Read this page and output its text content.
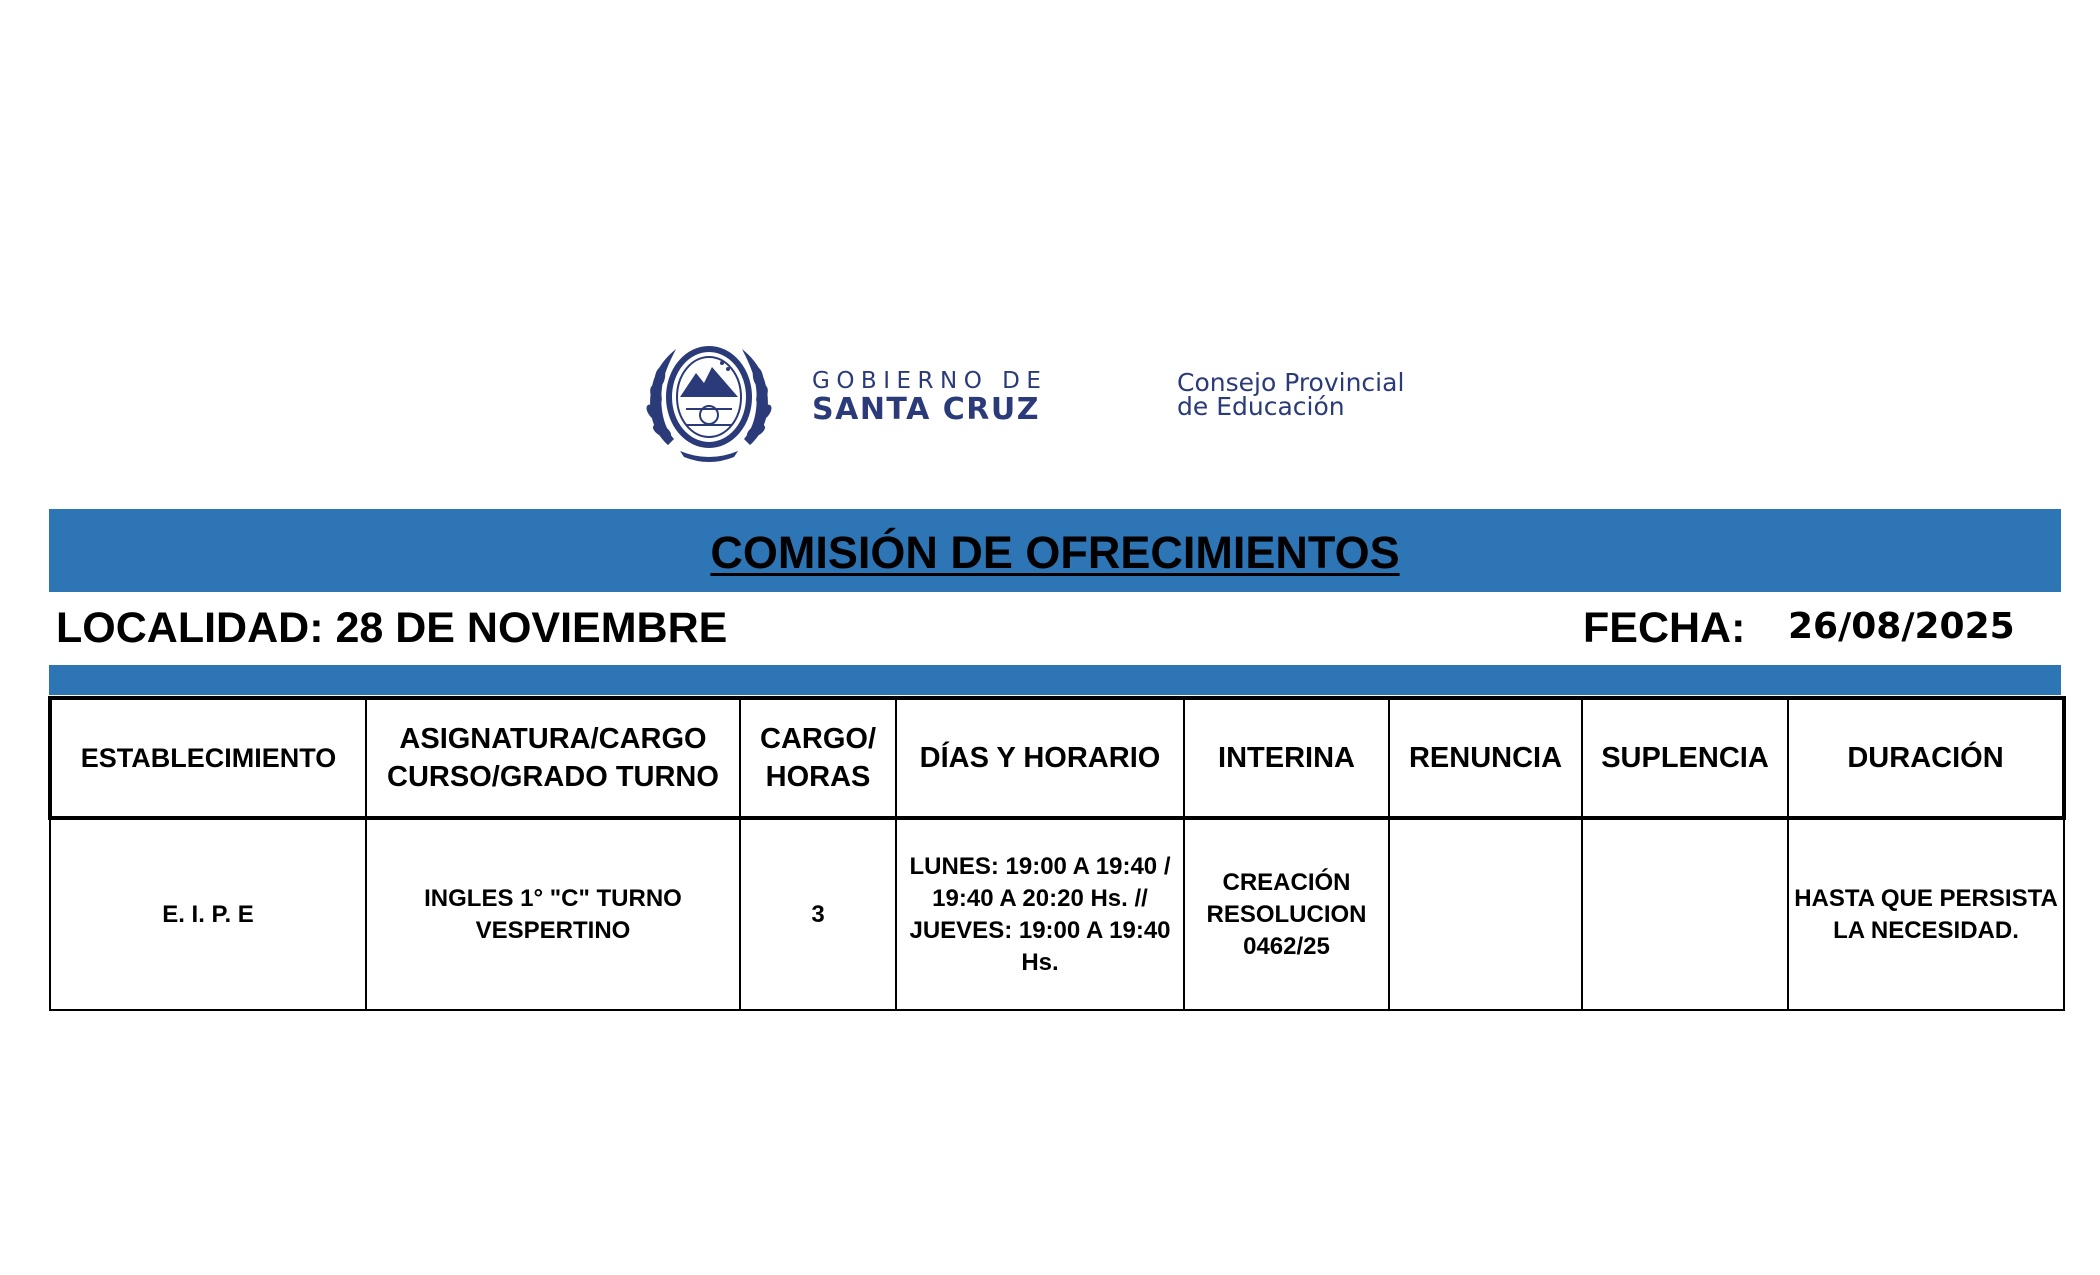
GOBIERNO DE
SANTA CRUZ
Consejo Provincial
de Educación
COMISIÓN DE OFRECIMIENTOS
LOCALIDAD: 28 DE NOVIEMBRE	FECHA: 26/08/2025
ESTABLECIMIENTO	ASIGNATURA/CARGO CURSO/GRADO TURNO	CARGO/ HORAS	DÍAS Y HORARIO	INTERINA	RENUNCIA	SUPLENCIA	DURACIÓN
E. I. P. E	INGLES 1° "C" TURNO VESPERTINO	3	LUNES: 19:00 A 19:40 / 19:40 A 20:20 Hs. // JUEVES: 19:00 A 19:40 Hs.	CREACIÓN RESOLUCION 0462/25			HASTA QUE PERSISTA LA NECESIDAD.
